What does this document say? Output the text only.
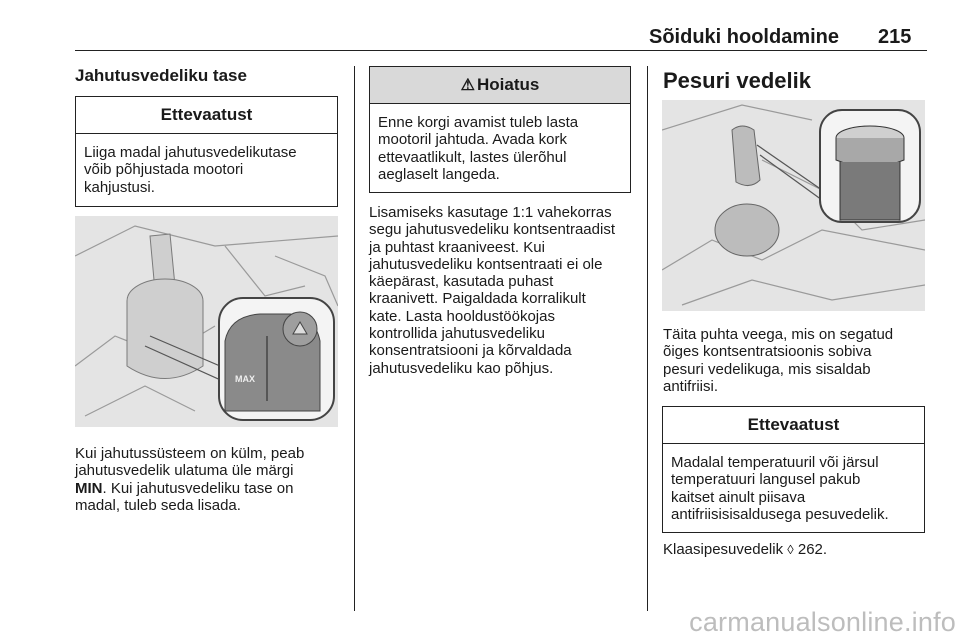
Sõiduki hooldamine 215
Jahutusvedeliku tase
Ettevaatust
Liiga madal jahutusvedelikutase
võib põhjustada mootori
kahjustusi.
MAX
Kui jahutussüsteem on külm, peab
jahutusvedelik ulatuma üle märgi
MIN. Kui jahutusvedeliku tase on
madal, tuleb seda lisada.
⚠ Hoiatus
Enne korgi avamist tuleb lasta
mootoril jahtuda. Avada kork
ettevaatlikult, lastes ülerõhul
aeglaselt langeda.
Lisamiseks kasutage 1:1 vahekorras
segu jahutusvedeliku kontsentraadist
ja puhtast kraaniveest. Kui
jahutusvedeliku kontsentraati ei ole
käepärast, kasutada puhast
kraanivett. Paigaldada korralikult
kate. Lasta hooldustöökojas
kontrollida jahutusvedeliku
konsentratsiooni ja kõrvaldada
jahutusvedeliku kao põhjus.
Pesuri vedelik
Täita puhta veega, mis on segatud
õiges kontsentratsioonis sobiva
pesuri vedelikuga, mis sisaldab
antifriisi.
Ettevaatust
Madalal temperatuuril või järsul
temperatuuri langusel pakub
kaitset ainult piisava
antifriisisisaldusega pesuvedelik.
Klaasipesuvedelik ◊ 262.
carmanualsonline.info
